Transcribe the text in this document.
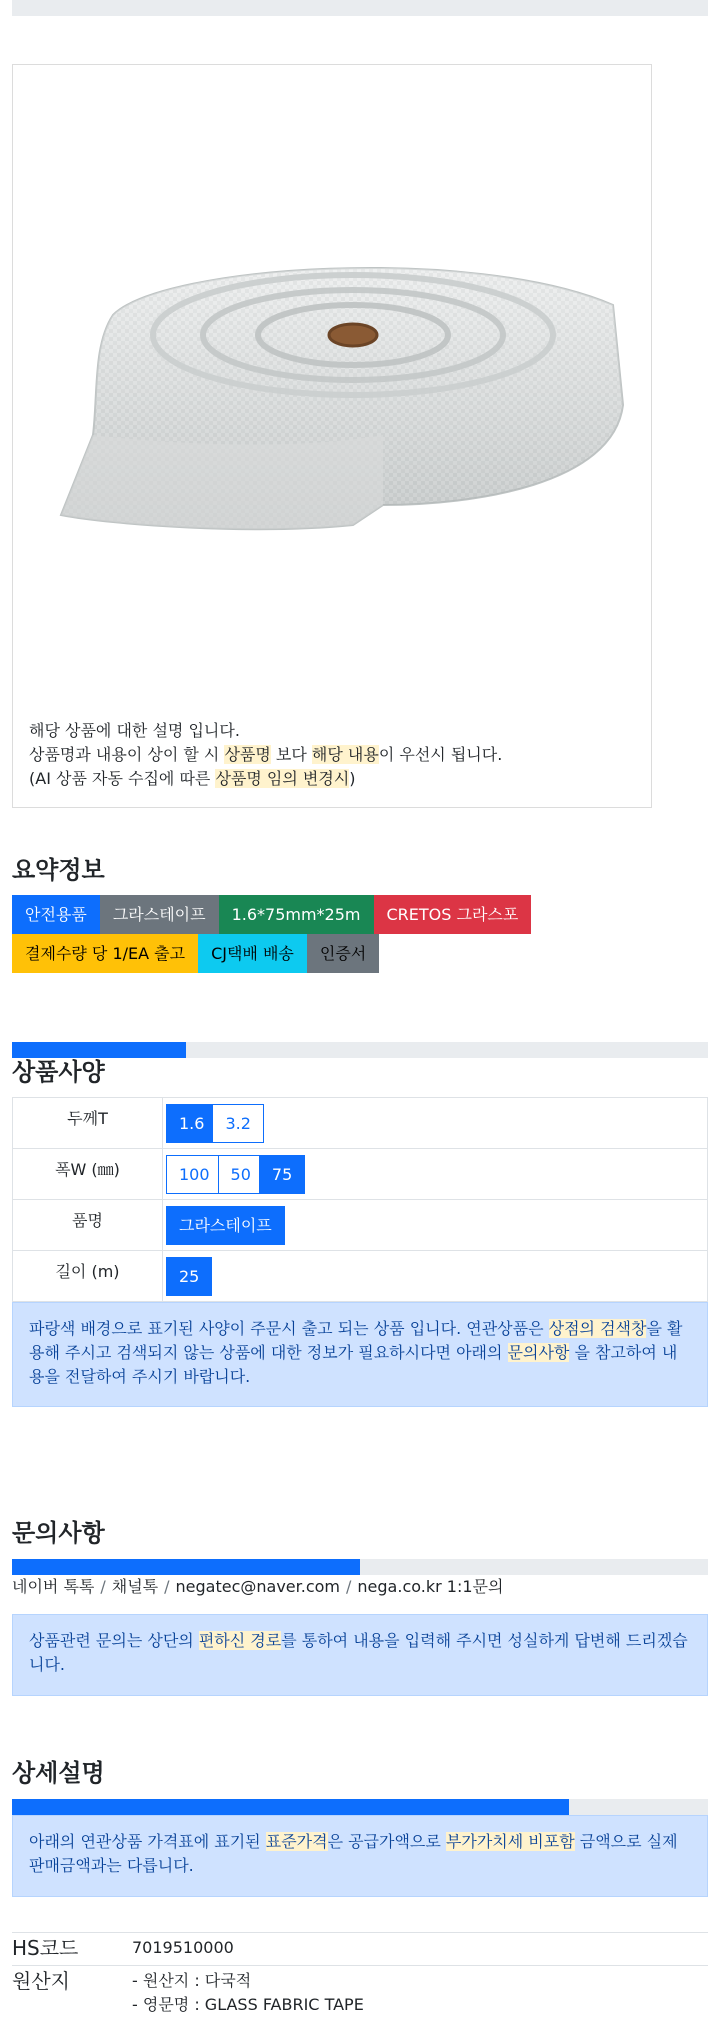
해당 상품에 대한 설명 입니다.
상품명과 내용이 상이 할 시 상품명 보다 해당 내용이 우선시 됩니다.
(AI 상품 자동 수집에 따른 상품명 임의 변경시)
요약정보
안전용품	그라스테이프	1.6*75mm*25m	CRETOS 그라스포
결제수량 당 1/EA 출고	CJ택배 배송	인증서
상품사양
두께T	1.6 3.2
폭W (㎜)	100 50 75
품명	그라스테이프
길이 (m)	25
파랑색 배경으로 표기된 사양이 주문시 출고 되는 상품 입니다. 연관상품은 상점의 검색창을 활용해 주시고 검색되지 않는 상품에 대한 정보가 필요하시다면 아래의 문의사항 을 참고하여 내용을 전달하여 주시기 바랍니다.
문의사항
네이버 톡톡 / 채널톡 / negatec@naver.com / nega.co.kr 1:1문의
상품관련 문의는 상단의 편하신 경로를 통하여 내용을 입력해 주시면 성실하게 답변해 드리겠습니다.
상세설명
아래의 연관상품 가격표에 표기된 표준가격은 공급가액으로 부가가치세 비포함 금액으로 실제 판매금액과는 다릅니다.
HS코드	7019510000
원산지	- 원산지 : 다국적
- 영문명 : GLASS FABRIC TAPE
